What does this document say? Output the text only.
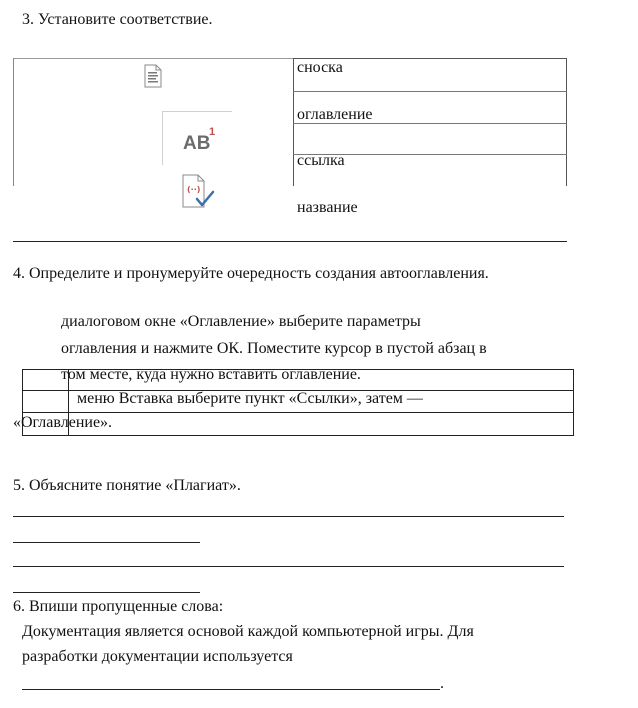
3. Установите соответствие.
сноска
оглавление
ссылка
название
AB
1
(··)
4. Определите и пронумеруйте очередность создания автооглавления.
диалоговом окне «Оглавление» выберите параметры
оглавления и нажмите ОК. Поместите курсор в пустой абзац в
том месте, куда нужно вставить оглавление.
меню Вставка выберите пункт «Ссылки», затем —
«Оглавление».
5. Объясните понятие «Плагиат».
6. Впиши пропущенные слова:
Документация является основой каждой компьютерной игры. Для
разработки документации используется
.
